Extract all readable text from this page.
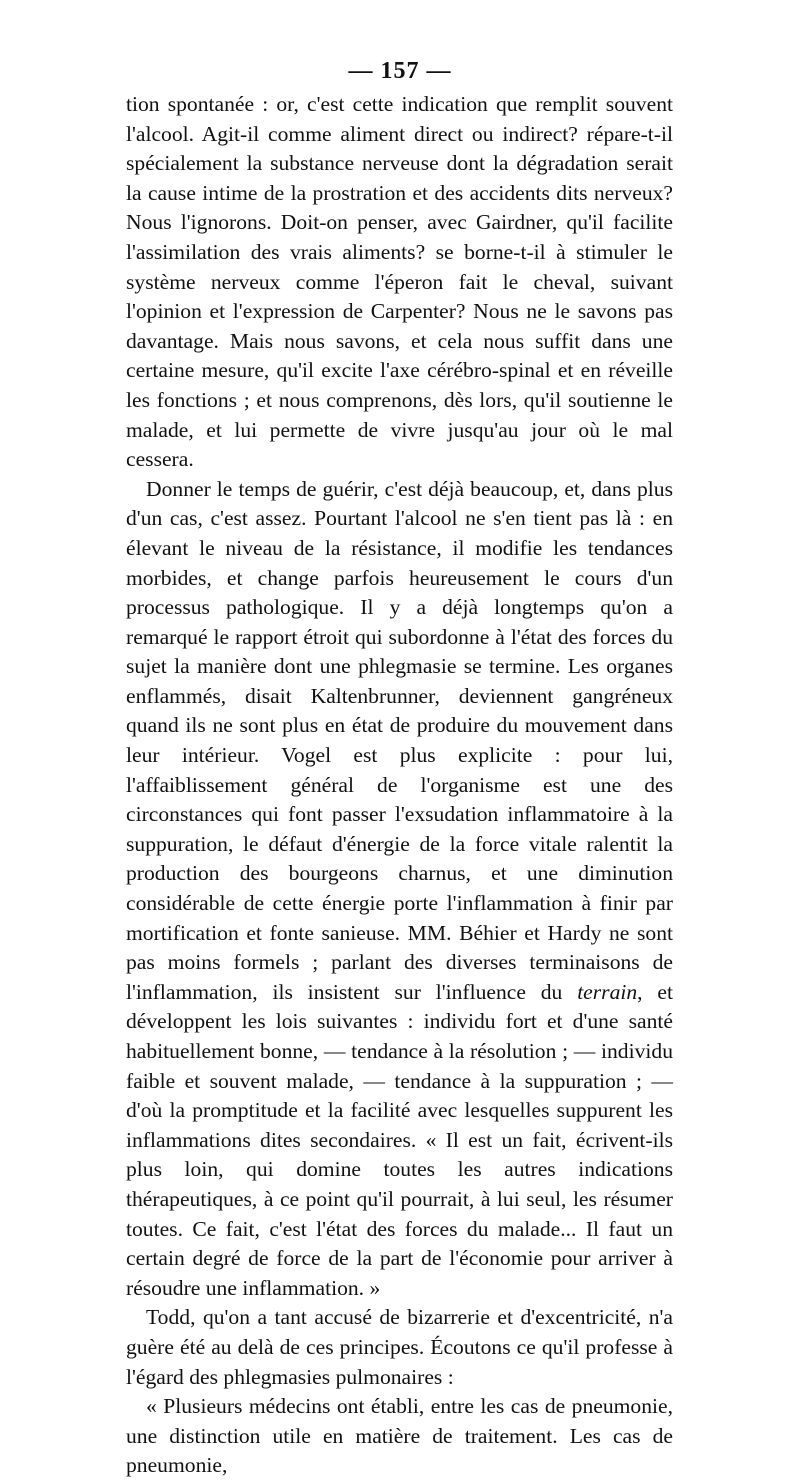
— 157 —

tion spontanée : or, c'est cette indication que remplit souvent l'alcool. Agit-il comme aliment direct ou indirect? répare-t-il spécialement la substance nerveuse dont la dégradation serait la cause intime de la prostration et des accidents dits nerveux? Nous l'ignorons. Doit-on penser, avec Gairdner, qu'il facilite l'assimilation des vrais aliments? se borne-t-il à stimuler le système nerveux comme l'éperon fait le cheval, suivant l'opinion et l'expression de Carpenter? Nous ne le savons pas davantage. Mais nous savons, et cela nous suffit dans une certaine mesure, qu'il excite l'axe cérébro-spinal et en réveille les fonctions ; et nous comprenons, dès lors, qu'il soutienne le malade, et lui permette de vivre jusqu'au jour où le mal cessera.

Donner le temps de guérir, c'est déjà beaucoup, et, dans plus d'un cas, c'est assez. Pourtant l'alcool ne s'en tient pas là : en élevant le niveau de la résistance, il modifie les tendances morbides, et change parfois heureusement le cours d'un processus pathologique. Il y a déjà longtemps qu'on a remarqué le rapport étroit qui subordonne à l'état des forces du sujet la manière dont une phlegmasie se termine. Les organes enflammés, disait Kaltenbrunner, deviennent gangréneux quand ils ne sont plus en état de produire du mouvement dans leur intérieur. Vogel est plus explicite : pour lui, l'affaiblissement général de l'organisme est une des circonstances qui font passer l'exsudation inflammatoire à la suppuration, le défaut d'énergie de la force vitale ralentit la production des bourgeons charnus, et une diminution considérable de cette énergie porte l'inflammation à finir par mortification et fonte sanieuse. MM. Béhier et Hardy ne sont pas moins formels ; parlant des diverses terminaisons de l'inflammation, ils insistent sur l'influence du terrain, et développent les lois suivantes : individu fort et d'une santé habituellement bonne, — tendance à la résolution ; — individu faible et souvent malade, — tendance à la suppuration ; — d'où la promptitude et la facilité avec lesquelles suppurent les inflammations dites secondaires. « Il est un fait, écrivent-ils plus loin, qui domine toutes les autres indications thérapeutiques, à ce point qu'il pourrait, à lui seul, les résumer toutes. Ce fait, c'est l'état des forces du malade... Il faut un certain degré de force de la part de l'économie pour arriver à résoudre une inflammation. »

Todd, qu'on a tant accusé de bizarrerie et d'excentricité, n'a guère été au delà de ces principes. Écoutons ce qu'il professe à l'égard des phlegmasies pulmonaires :

« Plusieurs médecins ont établi, entre les cas de pneumonie, une distinction utile en matière de traitement. Les cas de pneumonie,
